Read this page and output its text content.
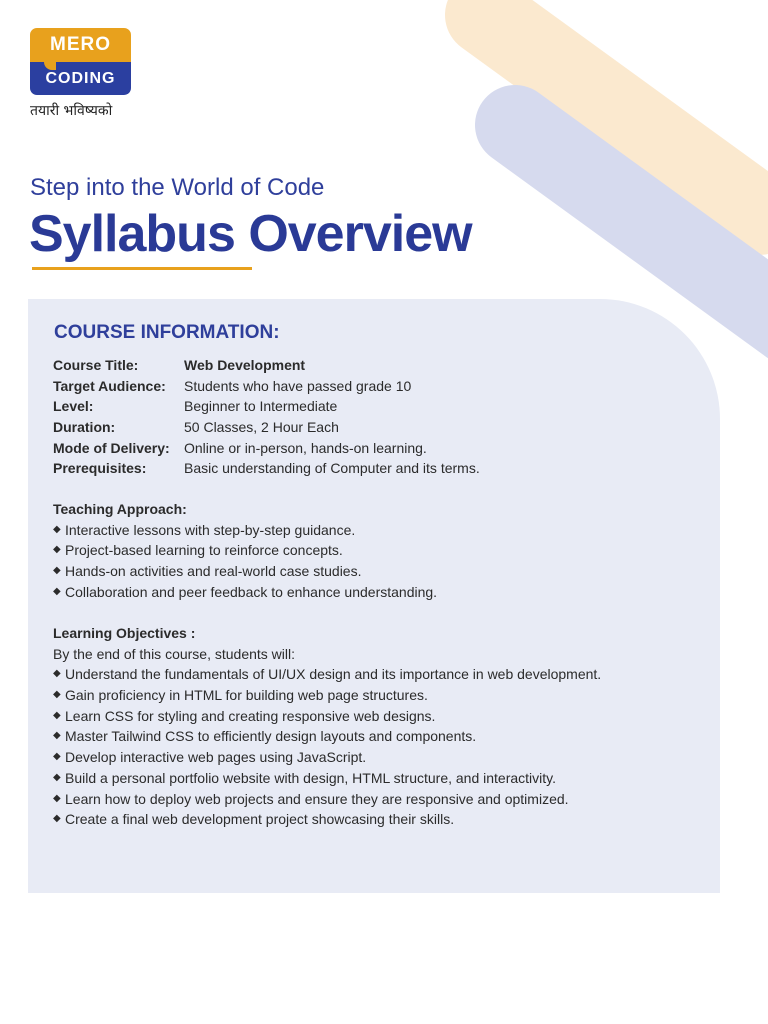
MERO
CODING
तयारी भविष्यको
Step into the World of Code
Syllabus Overview
COURSE INFORMATION:
Course Title:	Web Development
Target Audience:	Students who have passed grade 10
Level:	Beginner to Intermediate
Duration:	50 Classes, 2 Hour Each
Mode of Delivery:	Online or in-person, hands-on learning.
Prerequisites:	Basic understanding of Computer and its terms.
Teaching Approach:
◆ Interactive lessons with step-by-step guidance.
◆ Project-based learning to reinforce concepts.
◆ Hands-on activities and real-world case studies.
◆ Collaboration and peer feedback to enhance understanding.
Learning Objectives :
By the end of this course, students will:
◆ Understand the fundamentals of UI/UX design and its importance in web development.
◆ Gain proficiency in HTML for building web page structures.
◆ Learn CSS for styling and creating responsive web designs.
◆ Master Tailwind CSS to efficiently design layouts and components.
◆ Develop interactive web pages using JavaScript.
◆ Build a personal portfolio website with design, HTML structure, and interactivity.
◆ Learn how to deploy web projects and ensure they are responsive and optimized.
◆ Create a final web development project showcasing their skills.
